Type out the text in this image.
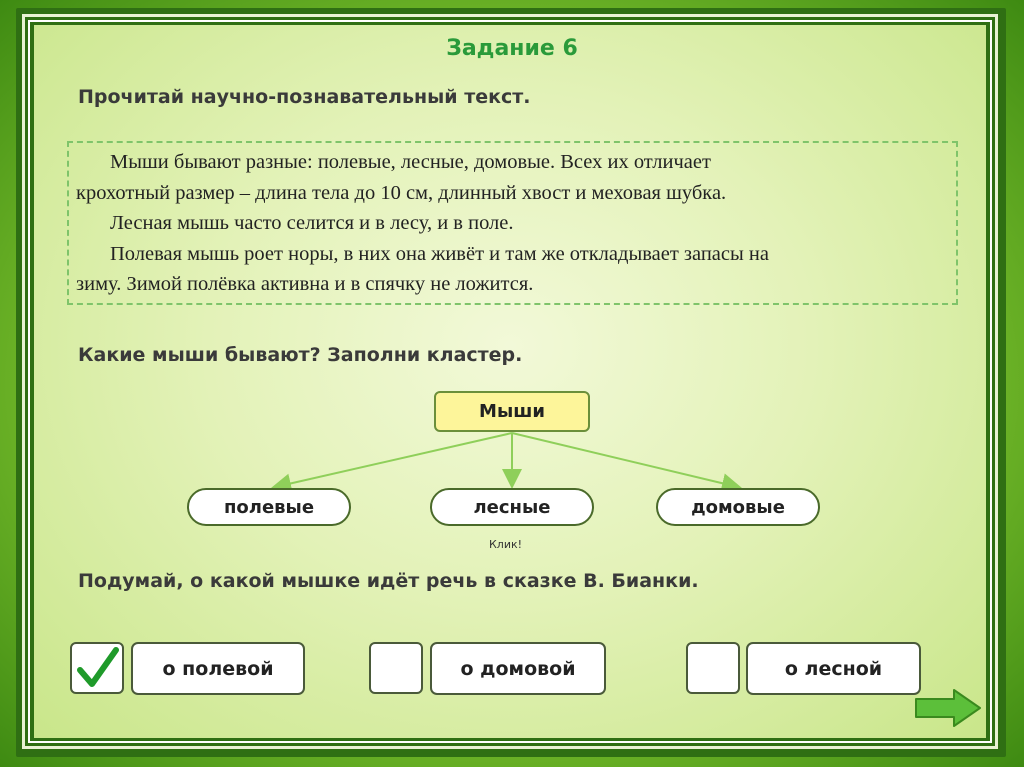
Задание 6
Прочитай научно-познавательный текст.
Мыши бывают разные: полевые, лесные, домовые. Всех их отличает
крохотный размер – длина тела до 10 см, длинный хвост и меховая шубка.
Лесная мышь часто селится и в лесу, и в поле.
Полевая мышь роет норы, в них она живёт и там же откладывает запасы на
зиму. Зимой полёвка активна и в спячку не ложится.
Какие мыши бывают? Заполни кластер.
Мыши
полевые	лесные	домовые
Клик!
Подумай, о какой мышке идёт речь в сказке В. Бианки.
о полевой	о домовой	о лесной
